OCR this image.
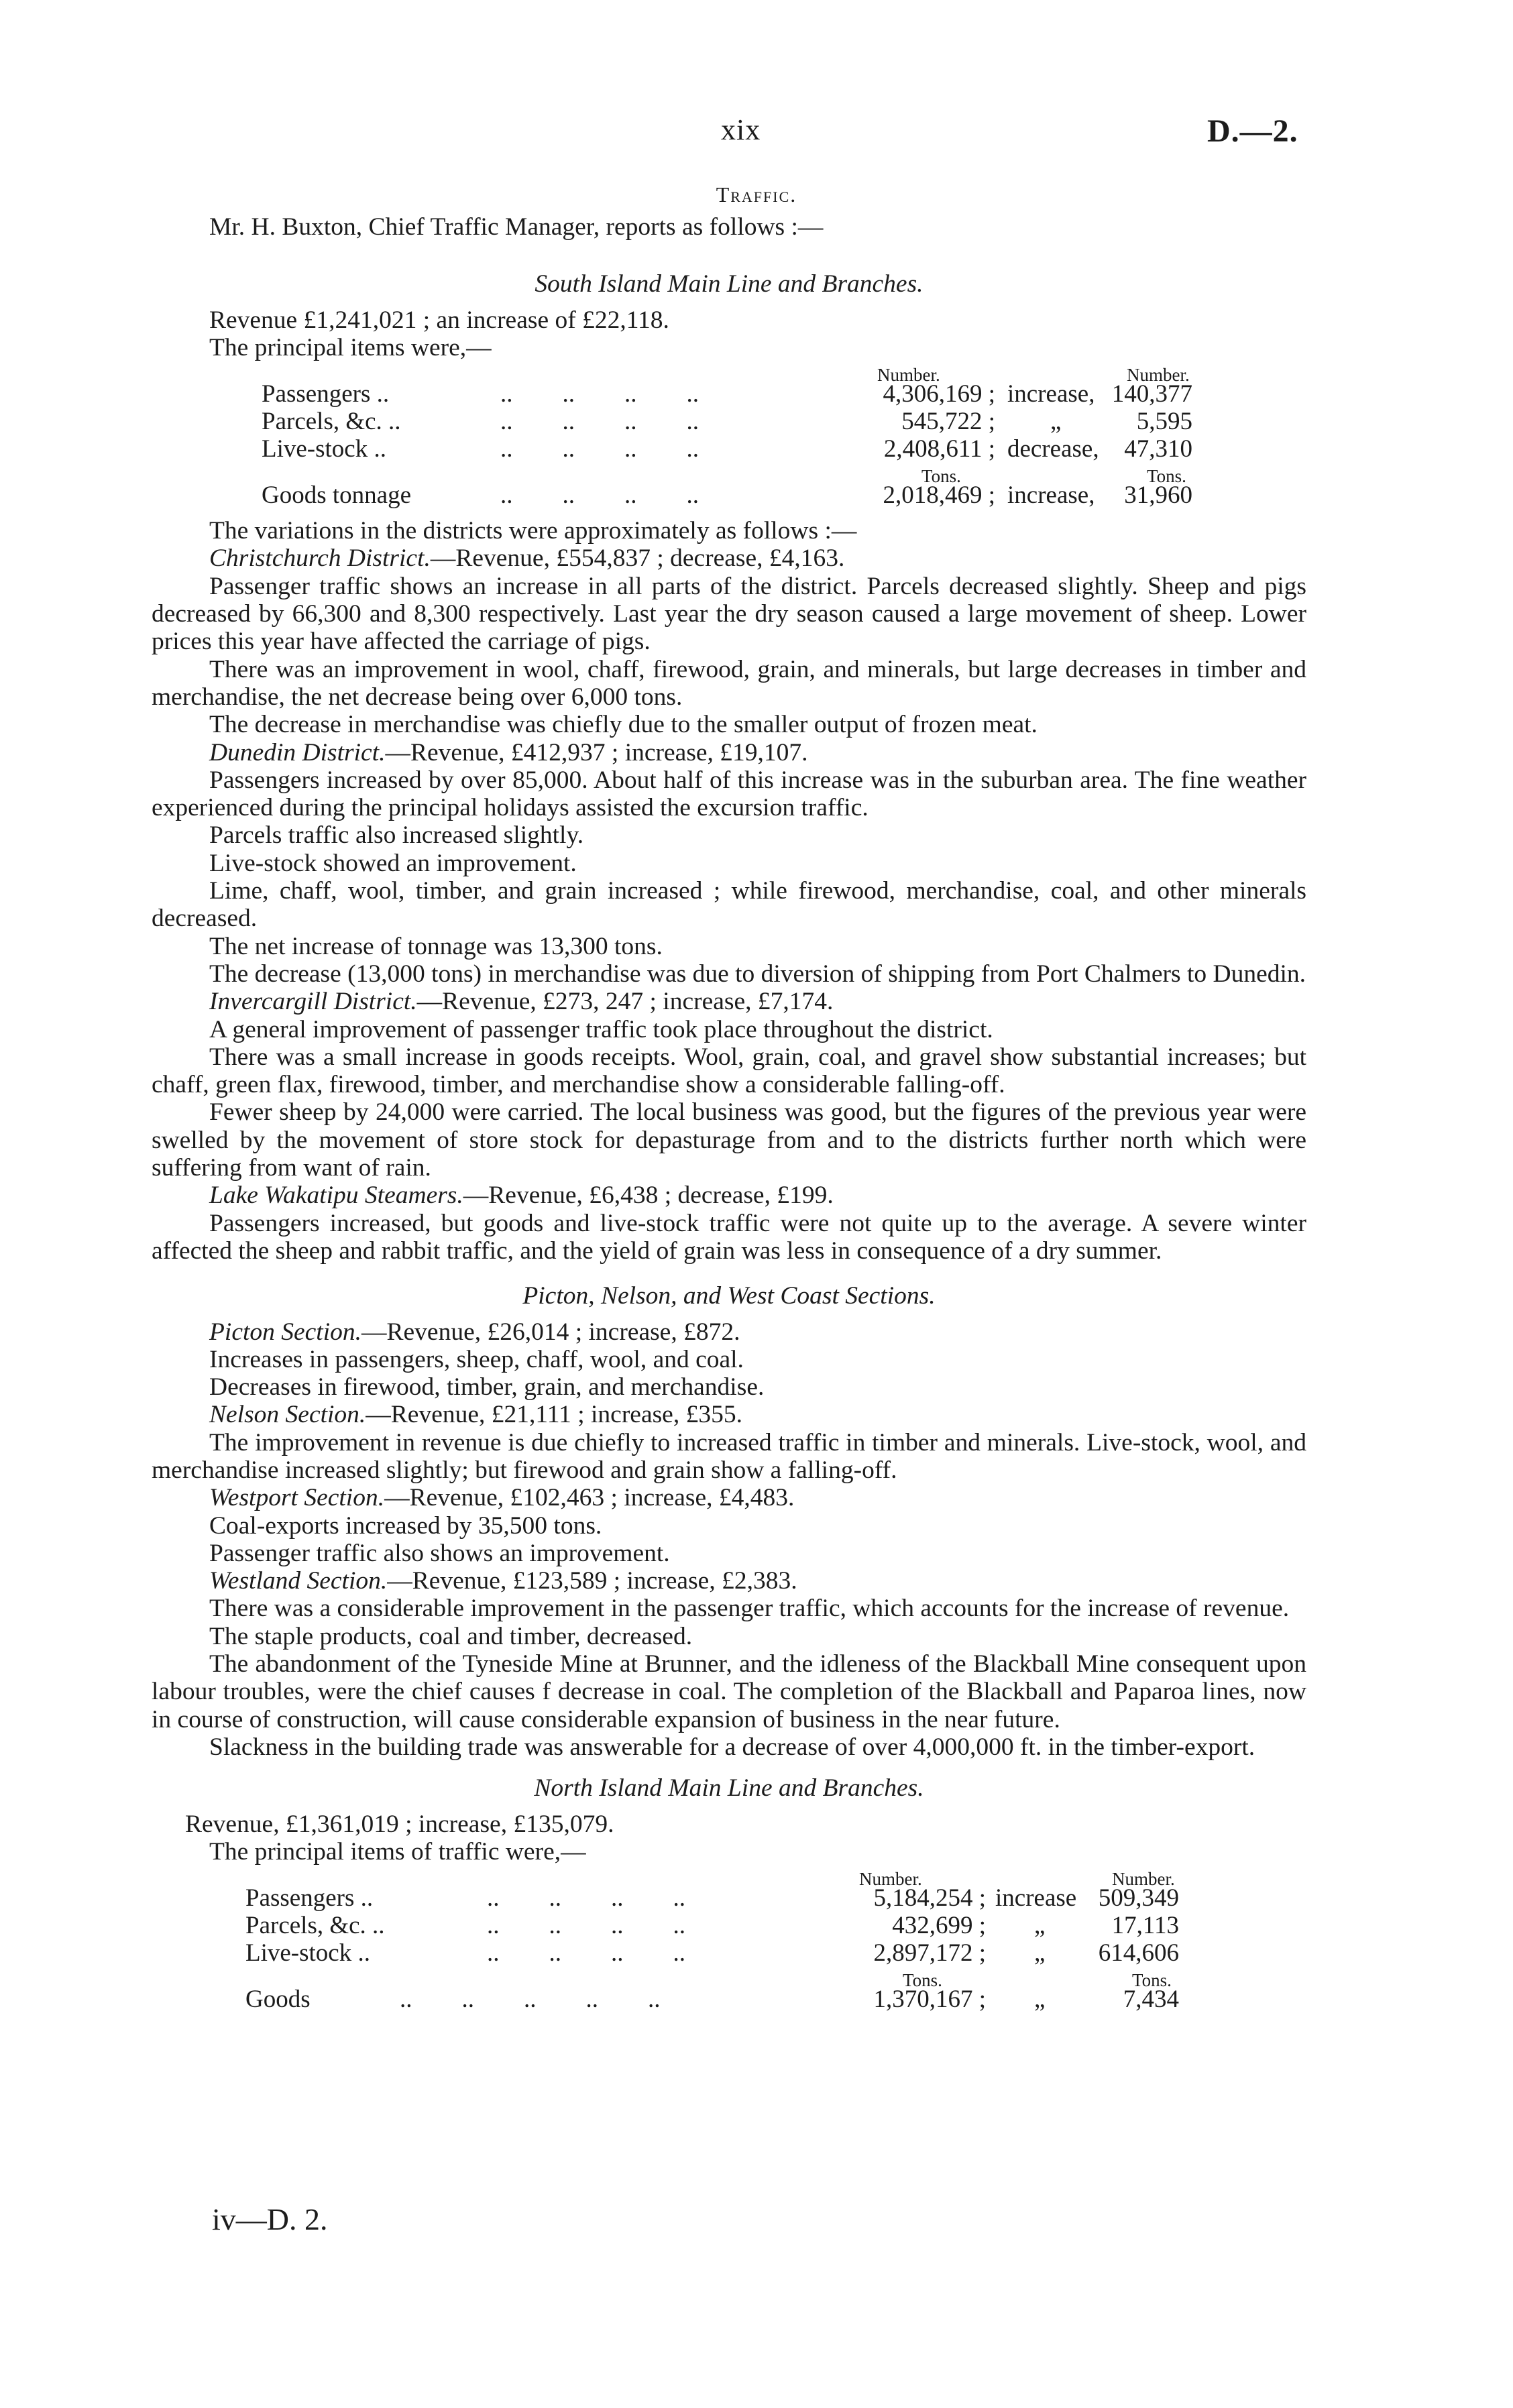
xix	D.—2.
Traffic.

Mr. H. Buxton, Chief Traffic Manager, reports as follows :—

South Island Main Line and Branches.

Revenue £1,241,021 ; an increase of £22,118.

The principal items were,—

Number.	Number.
Passengers ..	..        ..        ..        ..	4,306,169 ; increase, 140,377
Parcels, &c. ..	..        ..        ..        ..	545,722 ; „	5,595
Live-stock ..	..        ..        ..        ..	2,408,611 ; decrease, 47,310
Tons.	Tons.
Goods tonnage	..        ..        ..        ..	2,018,469 ; increase, 31,960

The variations in the districts were approximately as follows :—

Christchurch District.—Revenue, £554,837 ; decrease, £4,163.

Passenger traffic shows an increase in all parts of the district. Parcels decreased slightly. Sheep and pigs decreased by 66,300 and 8,300 respectively. Last year the dry season caused a large movement of sheep. Lower prices this year have affected the carriage of pigs.

There was an improvement in wool, chaff, firewood, grain, and minerals, but large decreases in timber and merchandise, the net decrease being over 6,000 tons.

The decrease in merchandise was chiefly due to the smaller output of frozen meat.

Dunedin District.—Revenue, £412,937 ; increase, £19,107.

Passengers increased by over 85,000. About half of this increase was in the suburban area. The fine weather experienced during the principal holidays assisted the excursion traffic.

Parcels traffic also increased slightly.

Live-stock showed an improvement.

Lime, chaff, wool, timber, and grain increased ; while firewood, merchandise, coal, and other minerals decreased.

The net increase of tonnage was 13,300 tons.

The decrease (13,000 tons) in merchandise was due to diversion of shipping from Port Chalmers to Dunedin.

Invercargill District.—Revenue, £273, 247 ; increase, £7,174.

A general improvement of passenger traffic took place throughout the district.

There was a small increase in goods receipts. Wool, grain, coal, and gravel show substantial increases; but chaff, green flax, firewood, timber, and merchandise show a considerable falling-off.

Fewer sheep by 24,000 were carried. The local business was good, but the figures of the previous year were swelled by the movement of store stock for depasturage from and to the districts further north which were suffering from want of rain.

Lake Wakatipu Steamers.—Revenue, £6,438 ; decrease, £199.

Passengers increased, but goods and live-stock traffic were not quite up to the average. A severe winter affected the sheep and rabbit traffic, and the yield of grain was less in consequence of a dry summer.

Picton, Nelson, and West Coast Sections.

Picton Section.—Revenue, £26,014 ; increase, £872.

Increases in passengers, sheep, chaff, wool, and coal.

Decreases in firewood, timber, grain, and merchandise.

Nelson Section.—Revenue, £21,111 ; increase, £355.

The improvement in revenue is due chiefly to increased traffic in timber and minerals. Live-stock, wool, and merchandise increased slightly; but firewood and grain show a falling-off.

Westport Section.—Revenue, £102,463 ; increase, £4,483.

Coal-exports increased by 35,500 tons.

Passenger traffic also shows an improvement.

Westland Section.—Revenue, £123,589 ; increase, £2,383.

There was a considerable improvement in the passenger traffic, which accounts for the increase of revenue.

The staple products, coal and timber, decreased.

The abandonment of the Tyneside Mine at Brunner, and the idleness of the Blackball Mine consequent upon labour troubles, were the chief causes f decrease in coal. The completion of the Blackball and Paparoa lines, now in course of construction, will cause considerable expansion of business in the near future.

Slackness in the building trade was answerable for a decrease of over 4,000,000 ft. in the timber-export.

North Island Main Line and Branches.

Revenue, £1,361,019 ; increase, £135,079.

The principal items of traffic were,—

Number.	Number.
Passengers ..	..        ..        ..        ..	5,184,254 ; increase 509,349
Parcels, &c. ..	..        ..        ..        ..	432,699 ; „	17,113
Live-stock ..	..        ..        ..        ..	2,897,172 ; „ 614,606
Tons.	Tons.
Goods	..        ..        ..        ..        ..	1,370,167 ; „	7,434
iv—D. 2.
